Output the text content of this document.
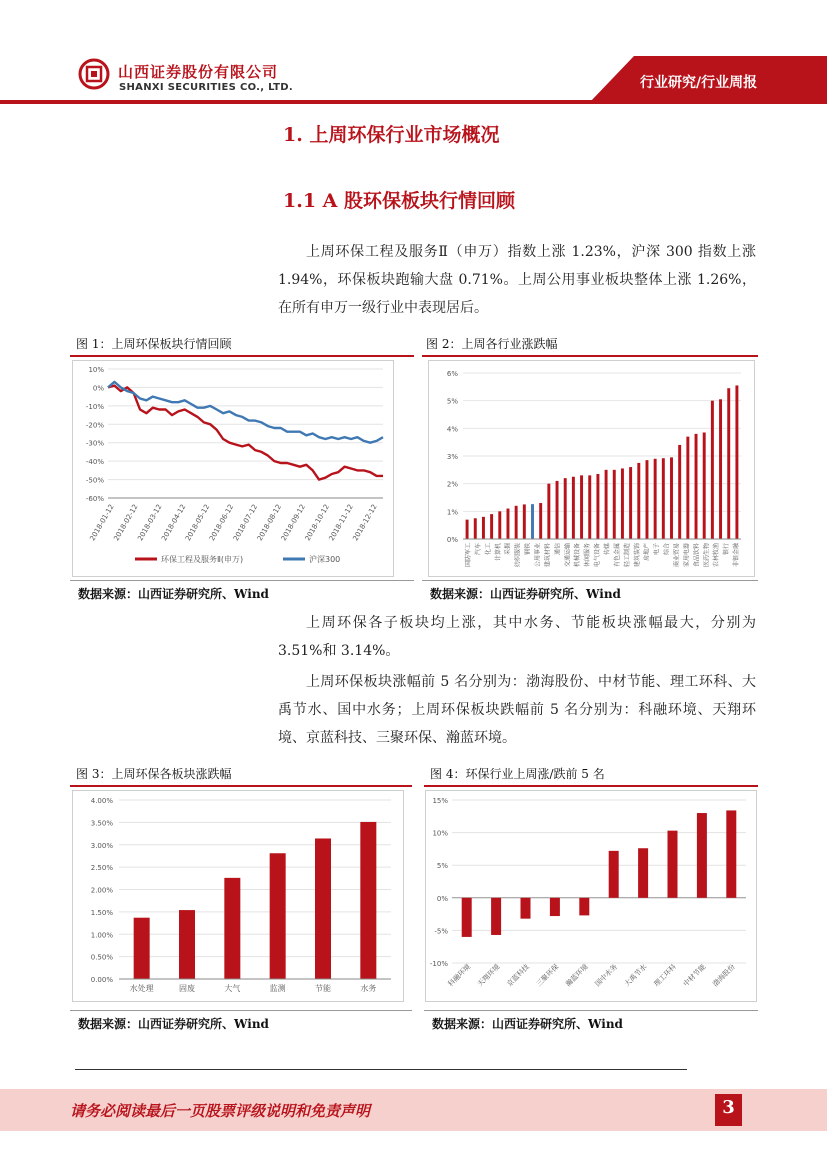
山西证券股份有限公司
SHANXI SECURITIES CO., LTD.	行业研究/行业周报
1. 上周环保行业市场概况
1.1 A 股环保板块行情回顾
上周环保工程及服务Ⅱ（申万）指数上涨 1.23%，沪深 300 指数上涨 1.94%，环保板块跑输大盘 0.71%。上周公用事业板块整体上涨 1.26%，在所有申万一级行业中表现居后。
图 1：上周环保板块行情回顾
10%
0%
-10%
-20%
-30%
-40%
-50%
-60%
2018-01-12
2018-02-12
2018-03-12
2018-04-12
2018-05-12
2018-06-12
2018-07-12
2018-08-12
2018-09-12
2018-10-12
2018-11-12
2018-12-12
环保工程及服务Ⅱ(申万)	沪深300
数据来源：山西证券研究所、Wind
图 2：上周各行业涨跌幅
6%
5%
4%
3%
2%
1%
0%
国防军工 汽车 化工 计算机 采掘 纺织服装 钢铁 公用事业 建筑材料 通信 交通运输 机械设备 休闲服务 电气设备 传媒 有色金属 轻工制造 建筑装饰 房地产 电子 综合 商业贸易 家用电器 食品饮料 医药生物 农林牧渔 银行 非银金融
数据来源：山西证券研究所、Wind
上周环保各子板块均上涨，其中水务、节能板块涨幅最大，分别为 3.51%和 3.14%。
上周环保板块涨幅前 5 名分别为：渤海股份、中材节能、理工环科、大禹节水、国中水务；上周环保板块跌幅前 5 名分别为：科融环境、天翔环境、京蓝科技、三聚环保、瀚蓝环境。
图 3：上周环保各板块涨跌幅
4.00%
3.50%
3.00%
2.50%
2.00%
1.50%
1.00%
0.50%
0.00%
水处理	固废	大气	监测	节能	水务
数据来源：山西证券研究所、Wind
图 4：环保行业上周涨/跌前 5 名
15%
10%
5%
0%
-5%
-10%
科融环境 天翔环境 京蓝科技 三聚环保 瀚蓝环境 国中水务 大禹节水 理工环科 中材节能 渤海股份
数据来源：山西证券研究所、Wind
请务必阅读最后一页股票评级说明和免责声明	3
